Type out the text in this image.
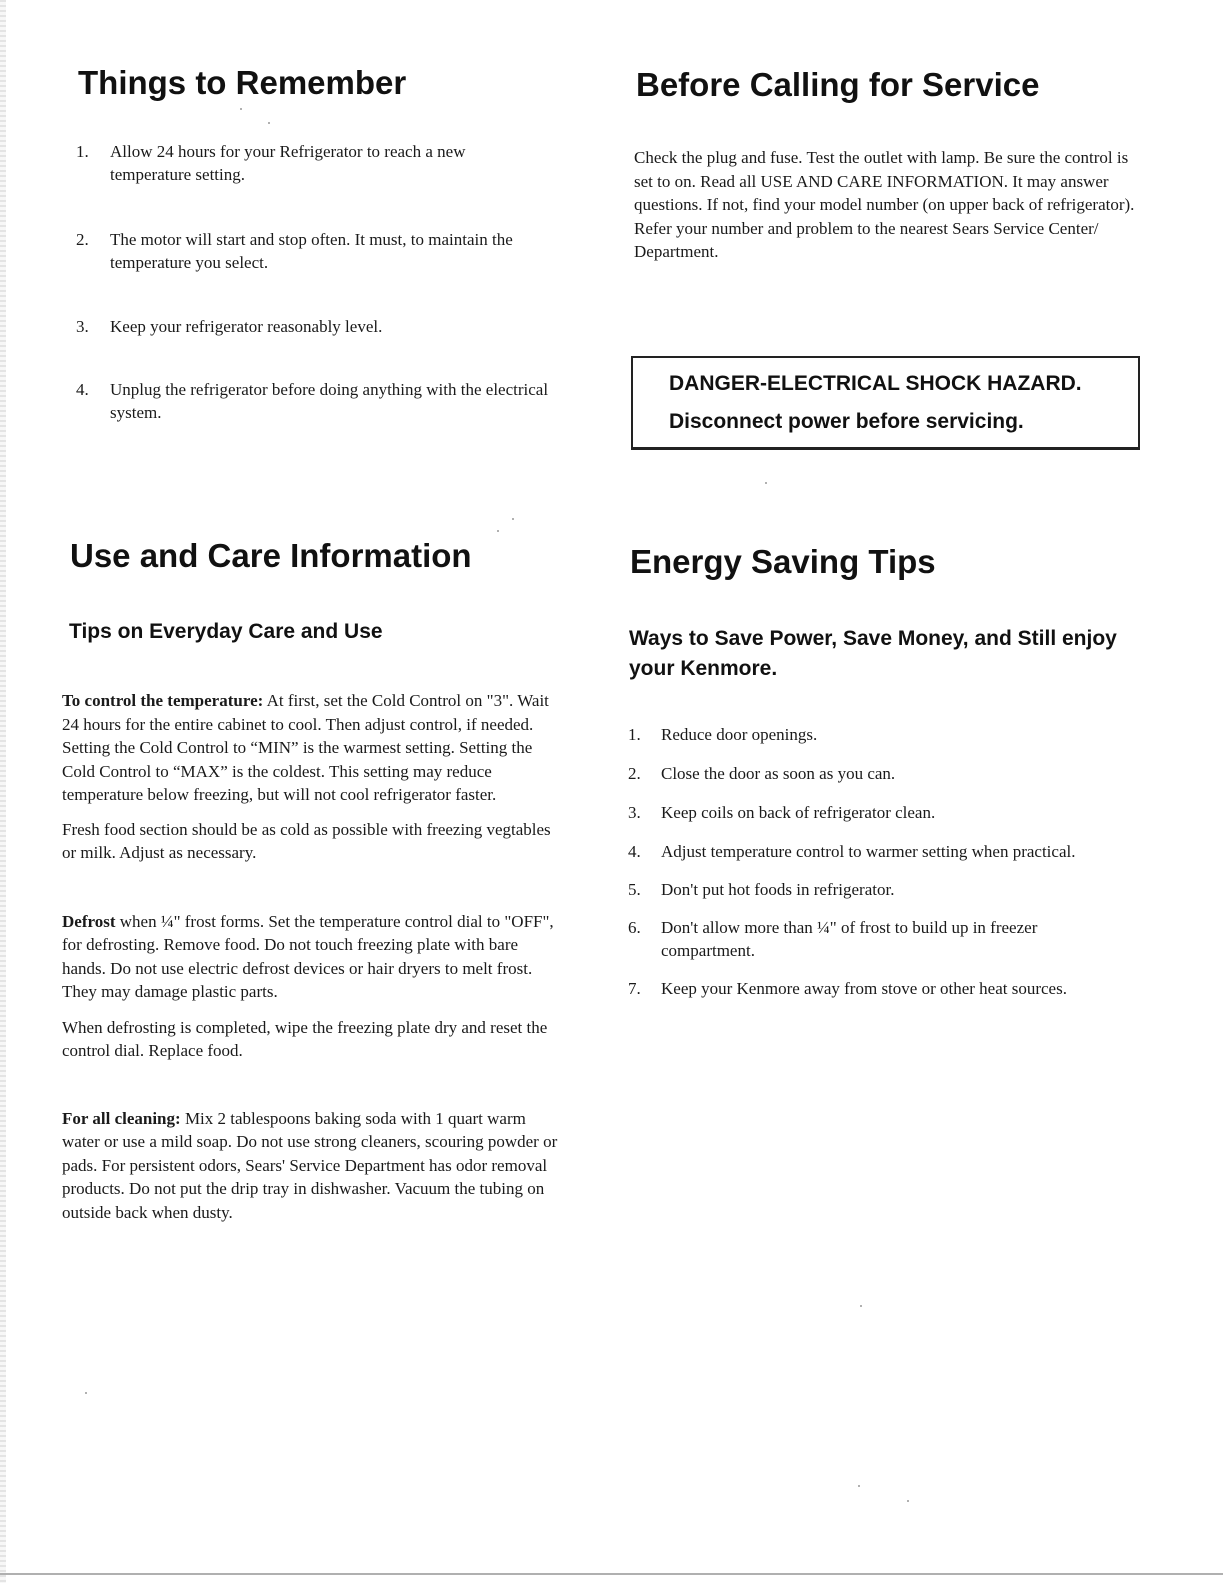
Things to Remember
1.	Allow 24 hours for your Refrigerator to reach a new temperature setting.
2.	The motor will start and stop often. It must, to maintain the temperature you select.
3.	Keep your refrigerator reasonably level.
4.	Unplug the refrigerator before doing anything with the electrical system.
Before Calling for Service

Check the plug and fuse. Test the outlet with lamp. Be sure the control is set to on. Read all USE AND CARE INFORMATION. It may answer questions. If not, find your model number (on upper back of refrigerator). Refer your number and problem to the nearest Sears Service Center/ Department.

DANGER-ELECTRICAL SHOCK HAZARD.
Disconnect power before servicing.
Use and Care Information
Tips on Everyday Care and Use

To control the temperature: At first, set the Cold Control on "3". Wait 24 hours for the entire cabinet to cool. Then adjust control, if needed. Setting the Cold Control to “MIN” is the warmest setting. Setting the Cold Control to “MAX” is the coldest. This setting may reduce temperature below freezing, but will not cool refrigerator faster.

Fresh food section should be as cold as possible with freezing vegtables or milk. Adjust as necessary.

Defrost when ¼" frost forms. Set the temperature control dial to "OFF", for defrosting. Remove food. Do not touch freezing plate with bare hands. Do not use electric defrost devices or hair dryers to melt frost. They may damage plastic parts.

When defrosting is completed, wipe the freezing plate dry and reset the control dial. Replace food.

For all cleaning: Mix 2 tablespoons baking soda with 1 quart warm water or use a mild soap. Do not use strong cleaners, scouring powder or pads. For persistent odors, Sears' Service Department has odor removal products. Do not put the drip tray in dishwasher. Vacuum the tubing on outside back when dusty.

Energy Saving Tips
Ways to Save Power, Save Money, and Still enjoy your Kenmore.
1.	Reduce door openings.
2.	Close the door as soon as you can.
3.	Keep coils on back of refrigerator clean.
4.	Adjust temperature control to warmer setting when practical.
5.	Don't put hot foods in refrigerator.
6.	Don't allow more than ¼" of frost to build up in freezer compartment.
7.	Keep your Kenmore away from stove or other heat sources.
